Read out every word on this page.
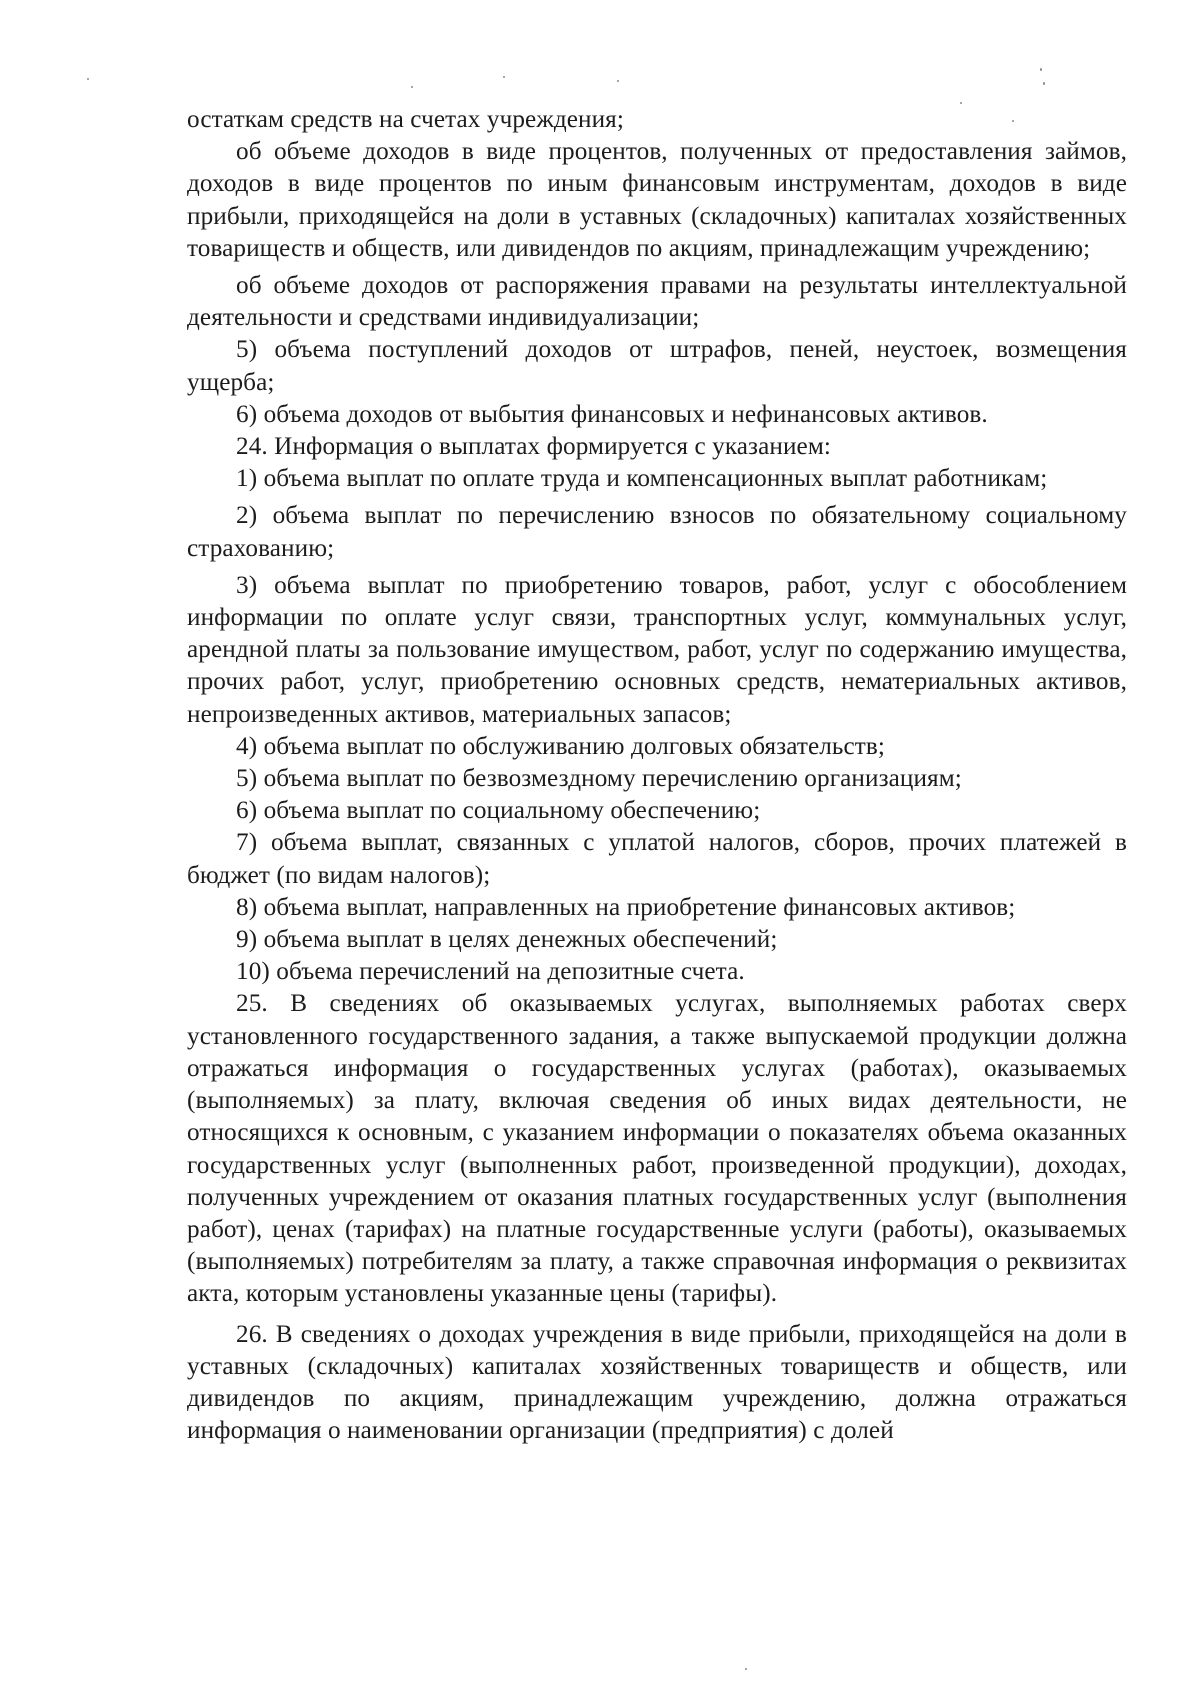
остаткам средств на счетах учреждения;

об объеме доходов в виде процентов, полученных от предоставления займов, доходов в виде процентов по иным финансовым инструментам, доходов в виде прибыли, приходящейся на доли в уставных (складочных) капиталах хозяйственных товариществ и обществ, или дивидендов по акциям, принадлежащим учреждению;

об объеме доходов от распоряжения правами на результаты интеллектуальной деятельности и средствами индивидуализации;

5) объема поступлений доходов от штрафов, пеней, неустоек, возмещения ущерба;

6) объема доходов от выбытия финансовых и нефинансовых активов.

24. Информация о выплатах формируется с указанием:

1) объема выплат по оплате труда и компенсационных выплат работникам;

2) объема выплат по перечислению взносов по обязательному социальному страхованию;

3) объема выплат по приобретению товаров, работ, услуг с обособлением информации по оплате услуг связи, транспортных услуг, коммунальных услуг, арендной платы за пользование имуществом, работ, услуг по содержанию имущества, прочих работ, услуг, приобретению основных средств, нематериальных активов, непроизведенных активов, материальных запасов;

4) объема выплат по обслуживанию долговых обязательств;

5) объема выплат по безвозмездному перечислению организациям;

6) объема выплат по социальному обеспечению;

7) объема выплат, связанных с уплатой налогов, сборов, прочих платежей в бюджет (по видам налогов);

8) объема выплат, направленных на приобретение финансовых активов;

9) объема выплат в целях денежных обеспечений;

10) объема перечислений на депозитные счета.

25. В сведениях об оказываемых услугах, выполняемых работах сверх установленного государственного задания, а также выпускаемой продукции должна отражаться информация о государственных услугах (работах), оказываемых (выполняемых) за плату, включая сведения об иных видах деятельности, не относящихся к основным, с указанием информации о показателях объема оказанных государственных услуг (выполненных работ, произведенной продукции), доходах, полученных учреждением от оказания платных государственных услуг (выполнения работ), ценах (тарифах) на платные государственные услуги (работы), оказываемых (выполняемых) потребителям за плату, а также справочная информация о реквизитах акта, которым установлены указанные цены (тарифы).

26. В сведениях о доходах учреждения в виде прибыли, приходящейся на доли в уставных (складочных) капиталах хозяйственных товариществ и обществ, или дивидендов по акциям, принадлежащим учреждению, должна отражаться информация о наименовании организации (предприятия) с долей
